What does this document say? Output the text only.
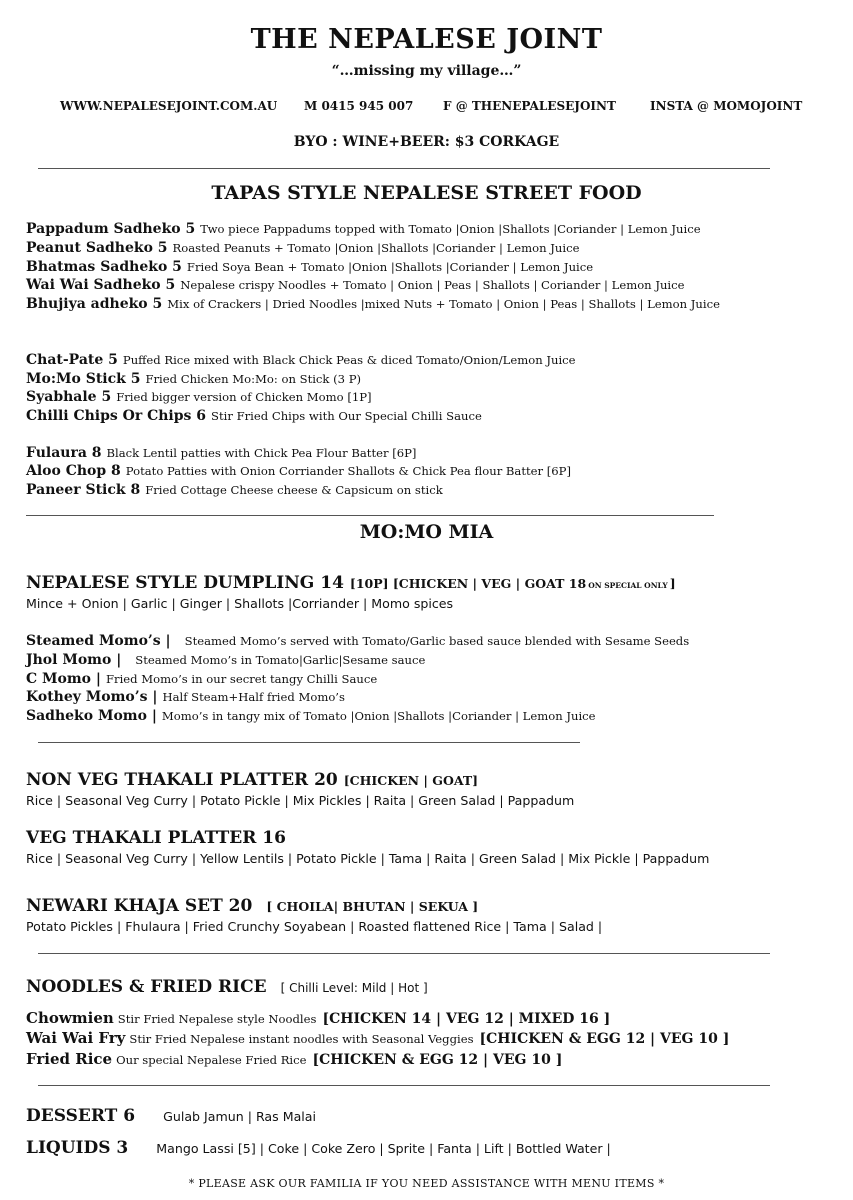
THE NEPALESE JOINT
“…missing my village…”
WWW.NEPALESEJOINT.COM.AU M 0415 945 007 F @ THENEPALESEJOINT	INSTA @ MOMOJOINT
BYO : WINE+BEER: $3 CORKAGE
TAPAS STYLE NEPALESE STREET FOOD
Pappadum Sadheko 5 Two piece Pappadums topped with Tomato |Onion |Shallots |Coriander | Lemon Juice
Peanut Sadheko 5 Roasted Peanuts + Tomato |Onion |Shallots |Coriander | Lemon Juice
Bhatmas Sadheko 5 Fried Soya Bean + Tomato |Onion |Shallots |Coriander | Lemon Juice
Wai Wai Sadheko 5 Nepalese crispy Noodles + Tomato | Onion | Peas | Shallots | Coriander | Lemon Juice
Bhujiya adheko 5 Mix of Crackers | Dried Noodles |mixed Nuts + Tomato | Onion | Peas | Shallots | Lemon Juice
Chat-Pate 5 Puffed Rice mixed with Black Chick Peas & diced Tomato/Onion/Lemon Juice
Mo:Mo Stick 5 Fried Chicken Mo:Mo: on Stick (3 P)
Syabhale 5 Fried bigger version of Chicken Momo [1P]
Chilli Chips Or Chips 6 Stir Fried Chips with Our Special Chilli Sauce
Fulaura 8 Black Lentil patties with Chick Pea Flour Batter [6P]
Aloo Chop 8 Potato Patties with Onion Corriander Shallots & Chick Pea flour Batter [6P]
Paneer Stick 8 Fried Cottage Cheese cheese & Capsicum on stick
MO:MO MIA
NEPALESE STYLE DUMPLING 14 [10P] [CHICKEN | VEG | GOAT 18 ON SPECIAL ONLY ]
Mince + Onion | Garlic | Ginger | Shallots |Corriander | Momo spices
Steamed Momo’s | Steamed Momo’s served with Tomato/Garlic based sauce blended with Sesame Seeds
Jhol Momo | Steamed Momo’s in Tomato|Garlic|Sesame sauce
C Momo | Fried Momo’s in our secret tangy Chilli Sauce
Kothey Momo’s | Half Steam+Half fried Momo’s
Sadheko Momo | Momo’s in tangy mix of Tomato |Onion |Shallots |Coriander | Lemon Juice
NON VEG THAKALI PLATTER 20 [CHICKEN | GOAT]
Rice | Seasonal Veg Curry | Potato Pickle | Mix Pickles | Raita | Green Salad | Pappadum
VEG THAKALI PLATTER 16
Rice | Seasonal Veg Curry | Yellow Lentils | Potato Pickle | Tama | Raita | Green Salad | Mix Pickle | Pappadum
NEWARI KHAJA SET 20 [ CHOILA| BHUTAN | SEKUA ]
Potato Pickles | Fhulaura | Fried Crunchy Soyabean | Roasted flattened Rice | Tama | Salad |
NOODLES & FRIED RICE [ Chilli Level: Mild | Hot ]
Chowmien Stir Fried Nepalese style Noodles [CHICKEN 14 | VEG 12 | MIXED 16 ]
Wai Wai Fry Stir Fried Nepalese instant noodles with Seasonal Veggies [CHICKEN & EGG 12 | VEG 10 ]
Fried Rice Our special Nepalese Fried Rice [CHICKEN & EGG 12 | VEG 10 ]
DESSERT 6 Gulab Jamun | Ras Malai
LIQUIDS 3 Mango Lassi [5] | Coke | Coke Zero | Sprite | Fanta | Lift | Bottled Water |
* PLEASE ASK OUR FAMILIA IF YOU NEED ASSISTANCE WITH MENU ITEMS *
